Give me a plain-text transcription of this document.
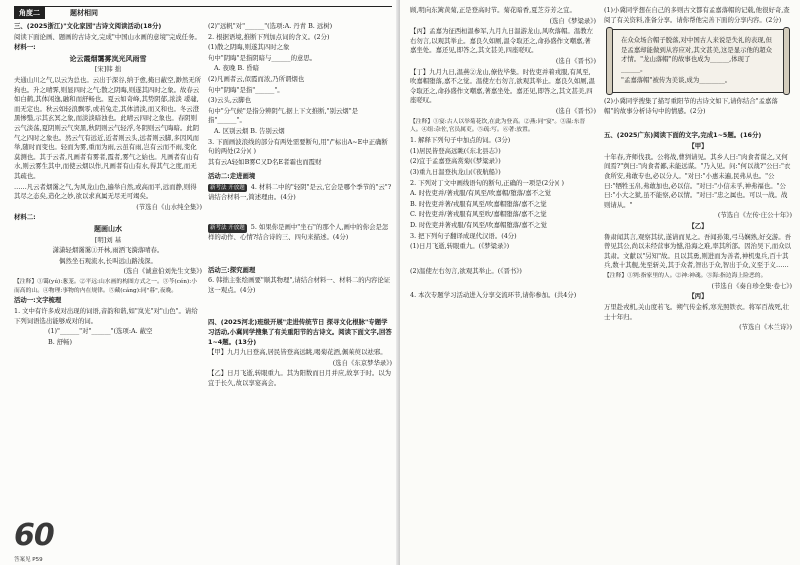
角度二	题材相同

三、(2025浙江)"文化家园"古诗文阅读活动(18分)

阅读下面论画、题画的古诗文,完成"中国山水画的意境"完成任务。

材料一:

论云霞烟霭雾岚光风雨雪

[宋]韩 拙

夫通山川之气,以云为总也。云出于深谷,纳于愈,掩日蔽空,渺然无所拘也。升之晴霁,则显四时之气;散之阴晦,则遂其四时之象。故春云如白鹤,其体闲逸,融和而舒畅也。夏云如奇峰,其势阴郁,浓淡 叆叇,而无定也。秋云如轻浪飘零,或若兔走,其体清淡,而又和也。冬云澄黑惨翳,示其玄冥之象,而淡淡暗浊也。此晴云四时之象也。春阴则云气淡荡,夏阴则云气突黑,秋阴则云气轻浮,冬阴则云气晦暗。此阴气之四时之象也。然云气有远近,近者则云头,远者则云脚,多因风而举,随时而变也。轻而为雾,重而为雨,云虽有雨,岂有云而不雨,变化莫测也。其于云者,凡画者有雾者,霞者,雾气之始也。凡画者有山有水,则云雾生其中,而使云烟以作,凡画者有山有水,得其气之度,而无其疏也。

……凡云者烟霭之气,为风龙山色,遍举自然,或高而平,远而静,则得其尽之态矣,造化之妙,欲以求真属无尽无可竭矣。

(节选自《山水纯全集》)

材料二:

题画山水

[明]刘 基

潇潇轻烟霭霭①开林,雨洒飞漪落晴春。

偶然坐石观流水,长叫远山路浅深。

(选自《诚意伯刘先生文集》)

【注释】①霭(yú):葱茏。②平远:山水画的构图方式之一。③芩(cén):小而高的山。④物理:事物的内在规律。⑤藏(cáng):同"暮",夜晚。

活动一:文字梳理

1. 文中有许多成对出现的词语,音韵和谐,如"岚光"对"山色"。请给下列词语选出能够成对的词。

(1)"______"对"______"(选项:A. 蔽空

B. 舒畅)

(2)"远帆"对"______"(选项:A. 丹青 B. 远树)

2. 根据语境,推断下列加点词的含义。(2分)

(1)散之阴晦,则遂其四时之象

句中"阴晦"是指阴暗与______的意思。

A. 夜晚 B. 昏暗

(2)凡画者云,似霞而浓,乃所谓烟也

句中"阴晦"是指"______"。

(3)云头,云脚也

句中"分气候"是指分辨阴气,据上下文推断,"别云烟"是指"______"。

A. 区别云烟 B. 告别云烟

3. 下面画波浪线的部分有两处需要断句,用"/"标出A~E中正确断句的两处(2分)( )

其有云A轻如B雾C又D名E者霜也而霞财

活动二:走进画境

新考法 开放题 4. 材料二中的"轻阴"是云,它会是哪个季节的"云"?请结合材料一,简述理由。(4分)

新考法 开放题 5. 如果你是画中"坐石"的那个人,画中的你会是怎样的动作、心情?结合诗的三、四句来描述。(4分)

活动三:探究画理

6. 韩拙主张绘画要"顺其物理",请结合材料一、材料二的内容论证这一观点。(4分)

四、(2025河北)班级开展"走进传统节日 探寻文化根脉"专题学习活动,小冀同学搜集了有关重阳节的古诗文。阅读下面文字,回答1~4题。(13分)

【甲】九月九日登高,居民皆登高远眺,喝菊花酒,佩茱萸以祛邪。

(选自《东京梦华录》)

【乙】日月飞逝,转眼重九。其为阳数而日月并应,故享于时。以为宜于长久,故以享宴高会。

60
答案见 P59

顾,明向东篱黄菊,正是登高时节。菊花暗香,夏芝芬芳之宜。

(选自《梦粱录》)

【丙】孟嘉为征西桓温参军,九月九日温游龙山,风吹落帽。温教左右勿言,以观其举止。嘉良久如厕,温令取还之,命孙盛作文嘲嘉,著嘉坐处。嘉还见,即答之,其文甚美,四座嗟叹。

(选自《晋书》)

【丁】九月九日,温燕②龙山,僚佐毕集。时佐吏并着戎服,有风至,吹嘉帽堕落,嘉不之觉。温使左右勿言,欲观其举止。嘉良久如厕,温令取还之,命孙盛作文嘲嘉,著嘉坐处。嘉还见,即答之,其文甚美,四座嗟叹。

(选自《晋书》)

【注释】①宴:古人以举菊花饮,在此为登高。②燕:同"宴"。③温:东晋人。④组:杂佐,官员属吏。⑤疏:写。⑥著:放置。

1. 解释下列句子中加点的词。(3分)

(1)居民皆登高远眺(《东北县志》)

(2)宜于孟嘉登高赏菊(《梦粱录》)

(3)重九日温登执龙山(《夜航船》)

2. 下列对丁文中画线语句的断句,正确的一项是(2分)( )

A. 时佐吏并/著戎服/有风至/吹嘉帽/堕落/嘉不之觉

B. 时佐吏并著/戎服有风至/吹嘉帽堕落/嘉不之觉

C. 时佐吏并/著戎服有风至吹/嘉帽堕落/嘉不之觉

D. 时佐吏并著戎服/有风至/吹嘉帽堕落/嘉不之觉

3. 把下列句子翻译成现代汉语。(4分)

(1)日月飞逝,转眼重九。(《梦粱录》)

(2)温使左右勿言,欲观其举止。(《晋书》)

4. 本次专题学习活动进入分享交流环节,请你参加。(共4分)

(1)小冀同学想在自己的多则古文都有孟嘉落帽的记载,他很好奇,查阅了有关资料,准备分享。请你帮他完善下面的分享内容。(2分)

在众众场合帽子脱落,对中国古人来说是失礼的表现,但是孟嘉却能做到从容应对,其文甚美,这是显示他的超众才情。"龙山落帽"的故事也成为______,体现了______。

"孟嘉落帽"被传为美谈,成为________。

(2)小冀同学搜集了描写重阳节的古诗文如下,请你结合"孟嘉落帽"的故事分析诗句中的情感。(2分)

五、(2025广东)阅读下面的文字,完成1~5题。(16分)

【甲】

十年春,齐师伐我。公将战,曹刿请见。其乡人曰:"肉食者谋之,又何间焉?"刿曰:"肉食者鄙,未能远谋。"乃入见。问:"何以战?"公曰:"衣食所安,弗敢专也,必以分人。"对曰:"小惠未遍,民弗从也。"公曰:"牺牲玉帛,弗敢加也,必以信。"对曰:"小信未孚,神弗福也。"公曰:"小大之狱,虽不能察,必以情。"对曰:"忠之属也。可以一战。战则请从。"

(节选自《左传·庄公十年》)

【乙】

鲁肃闻其言,观察其状,遂请而见之。吾闻孙策,弓马娴熟,好交游。吾曾见其公,尚以未经营事为憾,沿海之难,率其所部。因治吴下,而众以其肃。文献以"另知"故。且以其勇,则进而为善者,神机鬼兵,百十其兵,数十其舰,先至斩关,其于众者,智出于众,智出于众,义至于义……

【注释】①刿:指家里的人。②神:神魂。③海:指边海上险恶的。

(节选自《奏自珍全集·卷七》)

【丙】

万里赴戎机,关山度若飞。朔气传金柝,寒光照铁衣。将军百战死,壮士十年归。

(节选自《木兰诗》)
